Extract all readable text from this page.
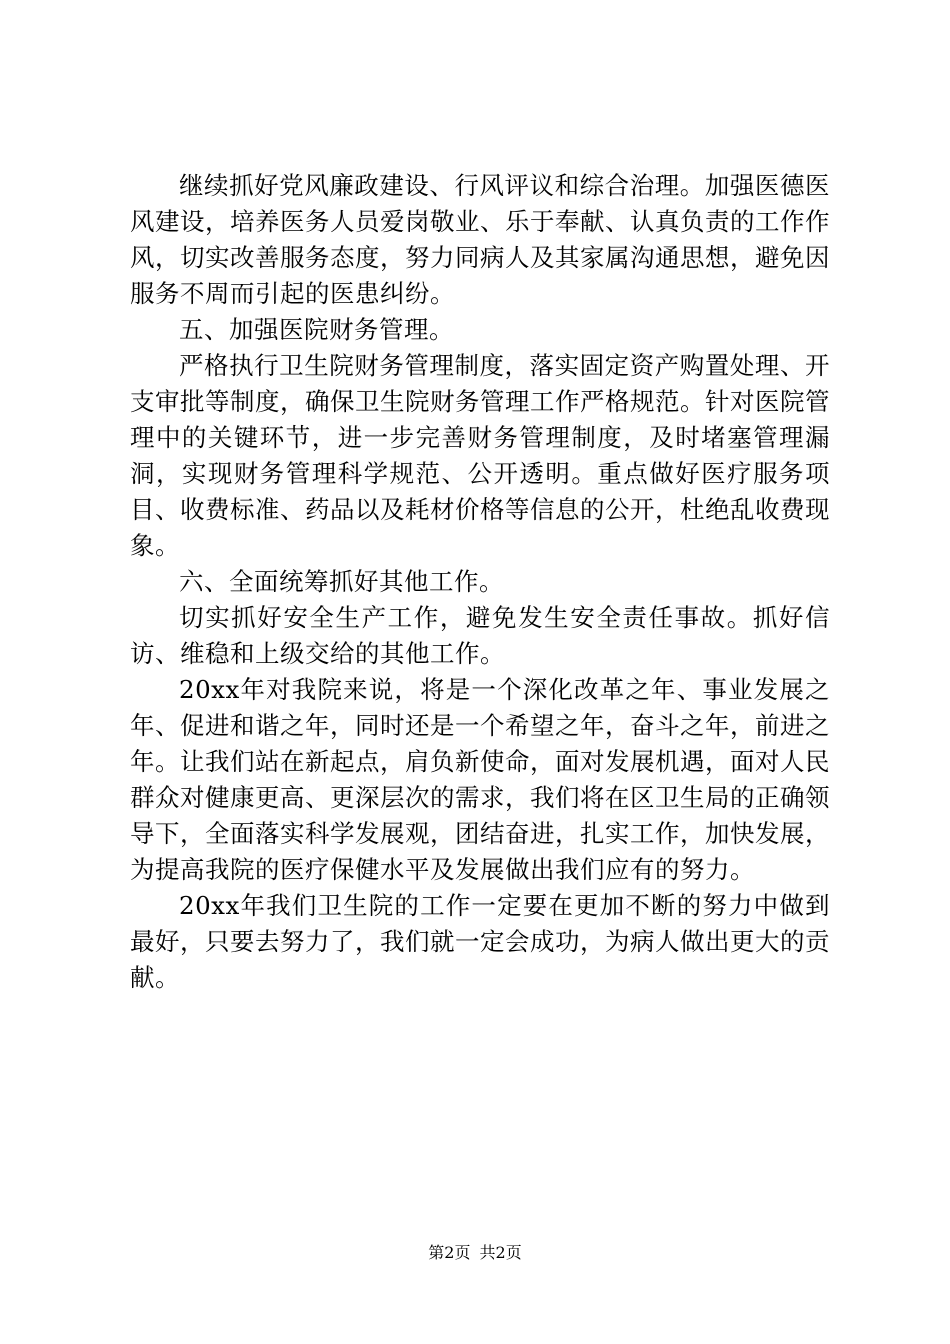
继续抓好党风廉政建设、行风评议和综合治理。加强医德医风建设，培养医务人员爱岗敬业、乐于奉献、认真负责的工作作风，切实改善服务态度，努力同病人及其家属沟通思想，避免因服务不周而引起的医患纠纷。

五、加强医院财务管理。

严格执行卫生院财务管理制度，落实固定资产购置处理、开支审批等制度，确保卫生院财务管理工作严格规范。针对医院管理中的关键环节，进一步完善财务管理制度，及时堵塞管理漏洞，实现财务管理科学规范、公开透明。重点做好医疗服务项目、收费标准、药品以及耗材价格等信息的公开，杜绝乱收费现象。

六、全面统筹抓好其他工作。

切实抓好安全生产工作，避免发生安全责任事故。抓好信访、维稳和上级交给的其他工作。

20xx年对我院来说，将是一个深化改革之年、事业发展之年、促进和谐之年，同时还是一个希望之年，奋斗之年，前进之年。让我们站在新起点，肩负新使命，面对发展机遇，面对人民群众对健康更高、更深层次的需求，我们将在区卫生局的正确领导下，全面落实科学发展观，团结奋进，扎实工作，加快发展，为提高我院的医疗保健水平及发展做出我们应有的努力。

20xx年我们卫生院的工作一定要在更加不断的努力中做到最好，只要去努力了，我们就一定会成功，为病人做出更大的贡献。

第2页 共2页
